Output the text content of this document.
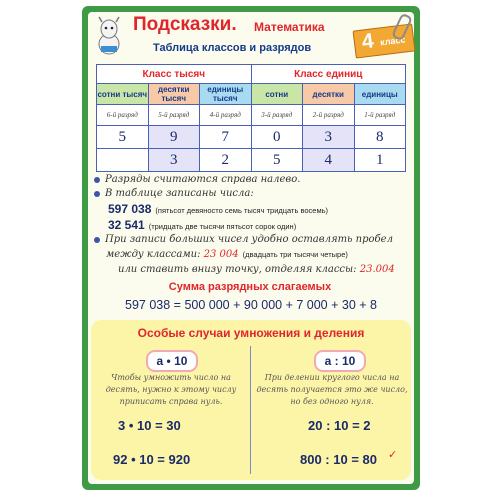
Подсказки. Математика
Таблица классов и разрядов 4 класс
Класс тысяч			Класс единиц		
сотни тысяч	десятки тысяч	единицы тысяч	сотни	десятки	единицы
6-й разряд	5-й разряд	4-й разряд	3-й разряд	2-й разряд	1-й разряд
5	9	7	0	3	8
	3	2	5	4	1
Разряды считаются справа налево.
В таблице записаны числа:
597 038 (пятьсот девяносто семь тысяч тридцать восемь)
32 541 (тридцать две тысячи пятьсот сорок один)
При записи больших чисел удобно оставлять пробел
между классами: 23 004 (двадцать три тысячи четыре)
или ставить внизу точку, отделяя классы: 23.004
Сумма разрядных слагаемых
597 038 = 500 000 + 90 000 + 7 000 + 30 + 8
Особые случаи умножения и деления
a • 10
Чтобы умножить число на десять, нужно к этому числу приписать справа нуль.
3 • 10 = 30
92 • 10 = 920
a : 10
При делении круглого числа на десять получается это же число, но без одного нуля.
20 : 10 = 2
800 : 10 = 80 ✓
